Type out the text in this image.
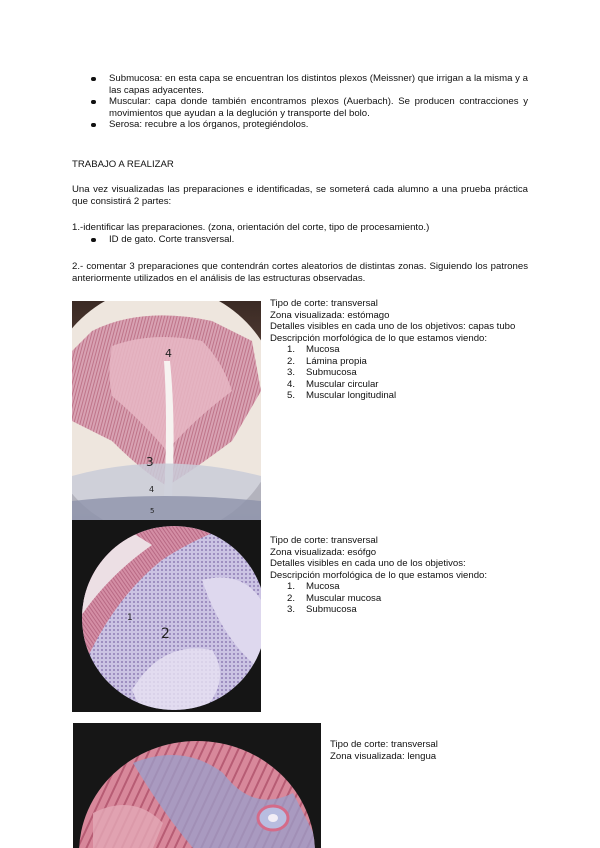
Submucosa: en esta capa se encuentran los distintos plexos (Meissner) que irrigan a la misma y a las capas adyacentes.
Muscular: capa donde también encontramos plexos (Auerbach). Se producen contracciones y movimientos que ayudan a la deglución y transporte del bolo.
Serosa: recubre a los órganos, protegiéndolos.

TRABAJO A REALIZAR

Una vez visualizadas las preparaciones e identificadas, se someterá cada alumno a una prueba práctica que consistirá 2 partes:

1.-identificar las preparaciones. (zona, orientación del corte, tipo de procesamiento.)

ID de gato. Corte transversal.

2.- comentar 3 preparaciones que contendrán cortes aleatorios de distintas zonas. Siguiendo los patrones anteriormente utilizados en el análisis de las estructuras observadas.

4
3
4
5
Tipo de corte: transversal
Zona visualizada: estómago
Detalles visibles en cada uno de los objetivos: capas tubo
Descripción morfológica de lo que estamos viendo:
1. Mucosa
2. Lámina propia
3. Submucosa
4. Muscular circular
5. Muscular longitudinal
1
2
Tipo de corte: transversal
Zona visualizada: esófgo
Detalles visibles en cada uno de los objetivos:
Descripción morfológica de lo que estamos viendo:
1. Mucosa
2. Muscular mucosa
3. Submucosa
Tipo de corte: transversal
Zona visualizada: lengua
